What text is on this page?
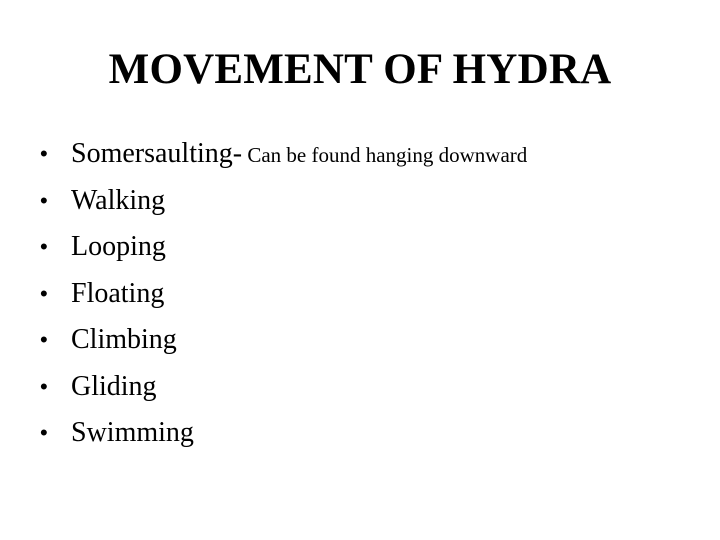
MOVEMENT OF HYDRA
• Somersaulting- Can be found hanging downward
• Walking
• Looping
• Floating
• Climbing
• Gliding
• Swimming
